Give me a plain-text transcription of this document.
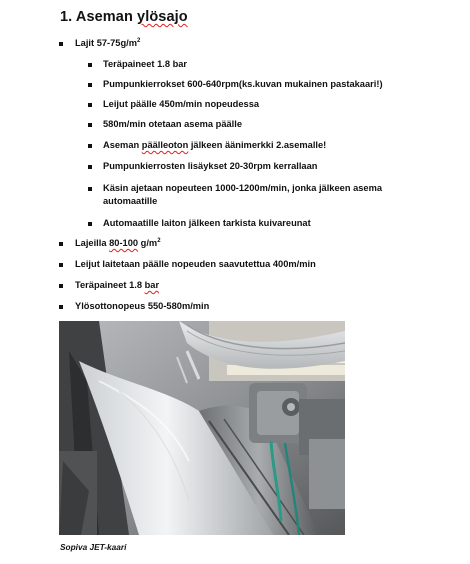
1. Aseman ylösajo
Lajit $57-75g/m^2$
Teräpaineet 1.8 bar
Pumpunkierrokset 600-640rpm(ks.kuvan mukainen pastakaari!)
Leijut päälle 450m/min nopeudessa
580m/min otetaan asema päälle
Aseman päälleoton jälkeen äänimerkki 2.asemalle!
Pumpunkierrosten lisäykset 20-30rpm kerrallaan
Käsin ajetaan nopeuteen 1000-1200m/min, jonka jälkeen asema automaatille
Automaatille laiton jälkeen tarkista kuivareunat
Lajeilla 80-100 $g/m^2$
Leijut laitetaan päälle nopeuden saavutettua 400m/min
Teräpaineet 1.8 bar
Ylösottonopeus 550-580m/min
Sopiva JET-kaari
